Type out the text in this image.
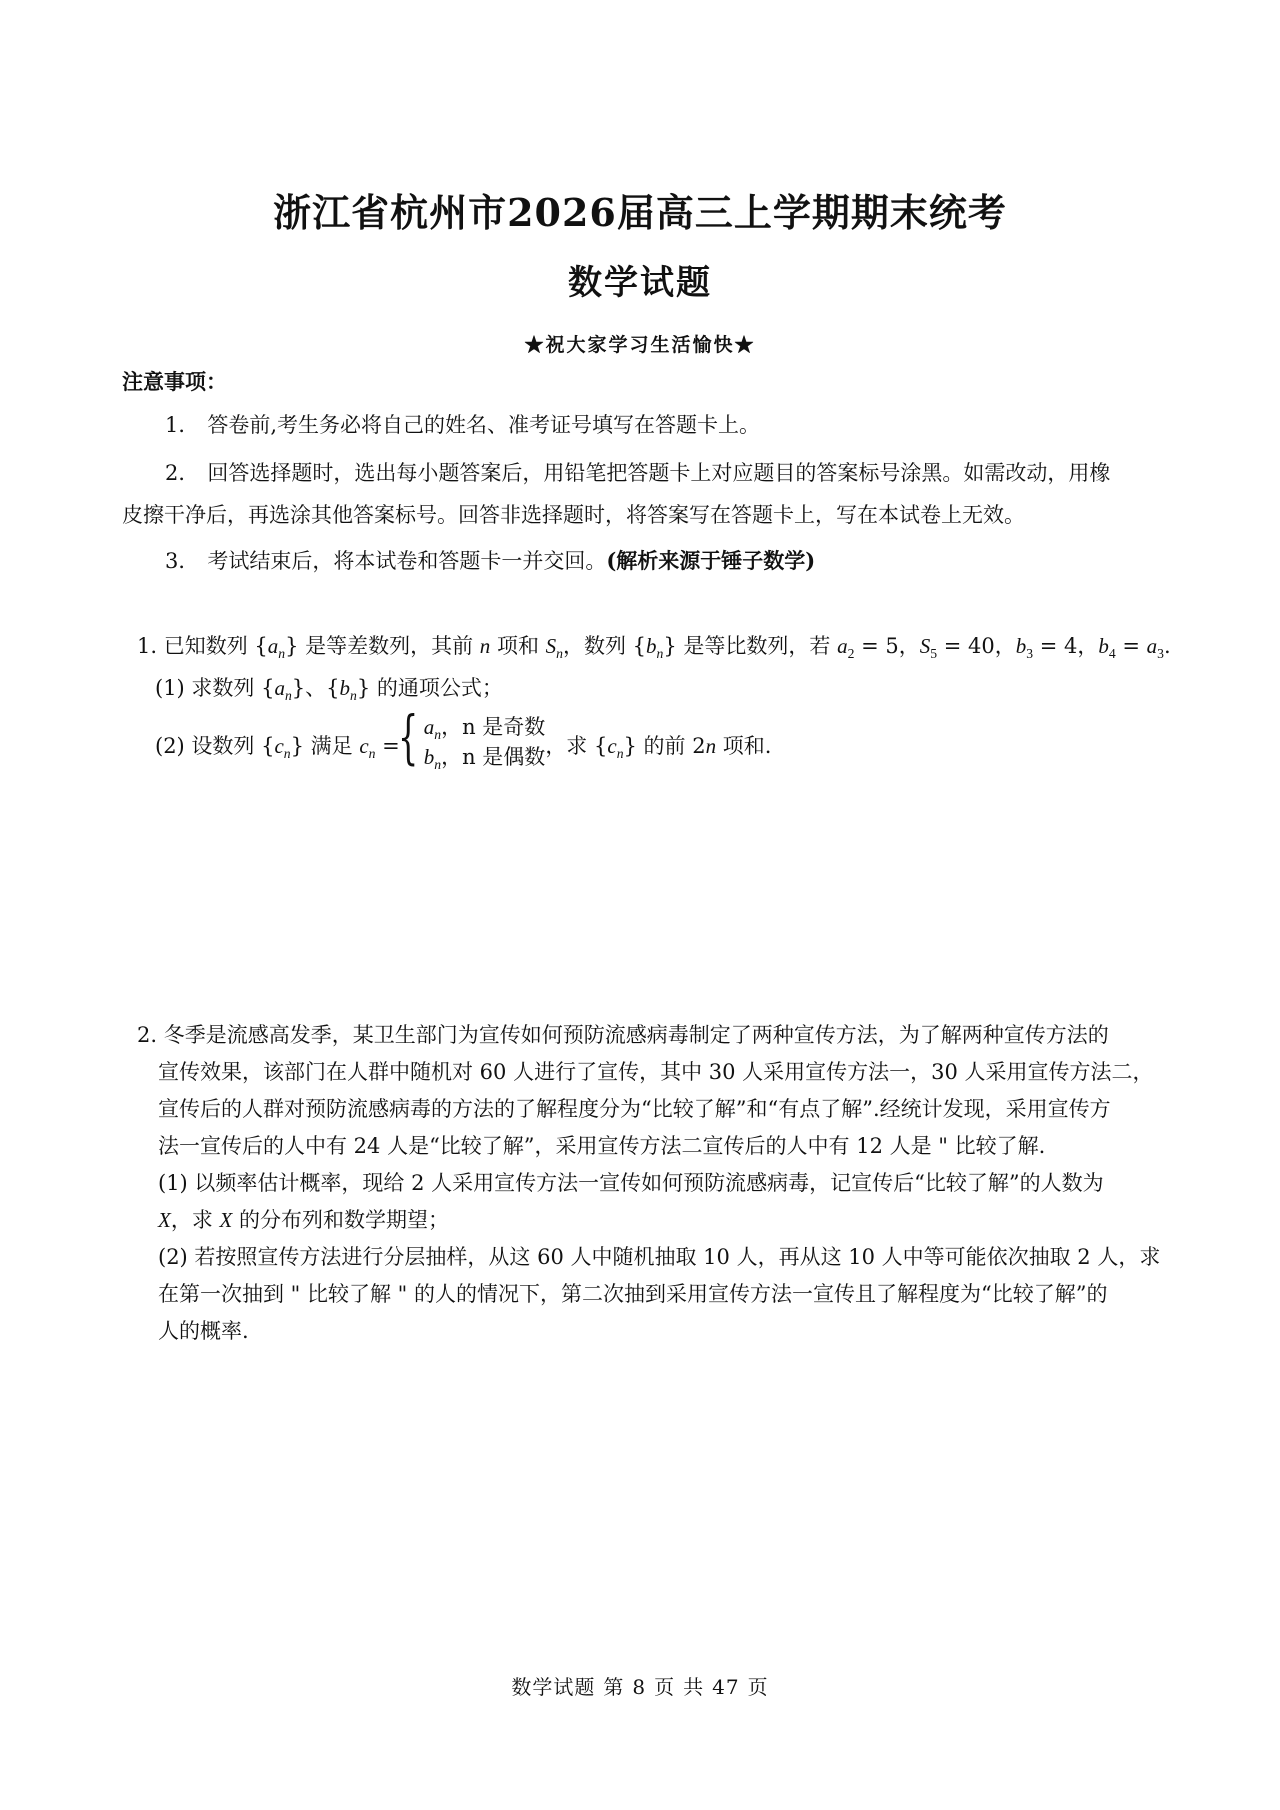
浙江省杭州市2026届高三上学期期末统考
数学试题
★祝大家学习生活愉快★
注意事项：
1． 答卷前,考生务必将自己的姓名、准考证号填写在答题卡上。
2． 回答选择题时，选出每小题答案后，用铅笔把答题卡上对应题目的答案标号涂黑。如需改动，用橡
皮擦干净后，再选涂其他答案标号。回答非选择题时，将答案写在答题卡上，写在本试卷上无效。
3． 考试结束后，将本试卷和答题卡一并交回。(解析来源于锤子数学)
1. 已知数列 $\{a_n\}$ 是等差数列，其前 n 项和 $S_n$，数列 $\{b_n\}$ 是等比数列，若 $a_2 = 5$，$S_5 = 40$，$b_3 = 4$，$b_4 = a_3$.
(1) 求数列 $\{a_n\}$、$\{b_n\}$ 的通项公式；
(2) 设数列 $\{c_n\}$ 满足 $c_n$ =
{ $a_n$，n 是奇数
$b_n$，n 是偶数 ，求 $\{c_n\}$ 的前 2n 项和.
2. 冬季是流感高发季，某卫生部门为宣传如何预防流感病毒制定了两种宣传方法，为了解两种宣传方法的
宣传效果，该部门在人群中随机对 60 人进行了宣传，其中 30 人采用宣传方法一，30 人采用宣传方法二，
宣传后的人群对预防流感病毒的方法的了解程度分为“比较了解”和“有点了解”.经统计发现，采用宣传方
法一宣传后的人中有 24 人是“比较了解”，采用宣传方法二宣传后的人中有 12 人是 " 比较了解.
(1) 以频率估计概率，现给 2 人采用宣传方法一宣传如何预防流感病毒，记宣传后“比较了解”的人数为
X，求 X 的分布列和数学期望；
(2) 若按照宣传方法进行分层抽样，从这 60 人中随机抽取 10 人，再从这 10 人中等可能依次抽取 2 人，求
在第一次抽到 " 比较了解 " 的人的情况下，第二次抽到采用宣传方法一宣传且了解程度为“比较了解”的
人的概率.
数学试题 第 8 页 共 47 页
